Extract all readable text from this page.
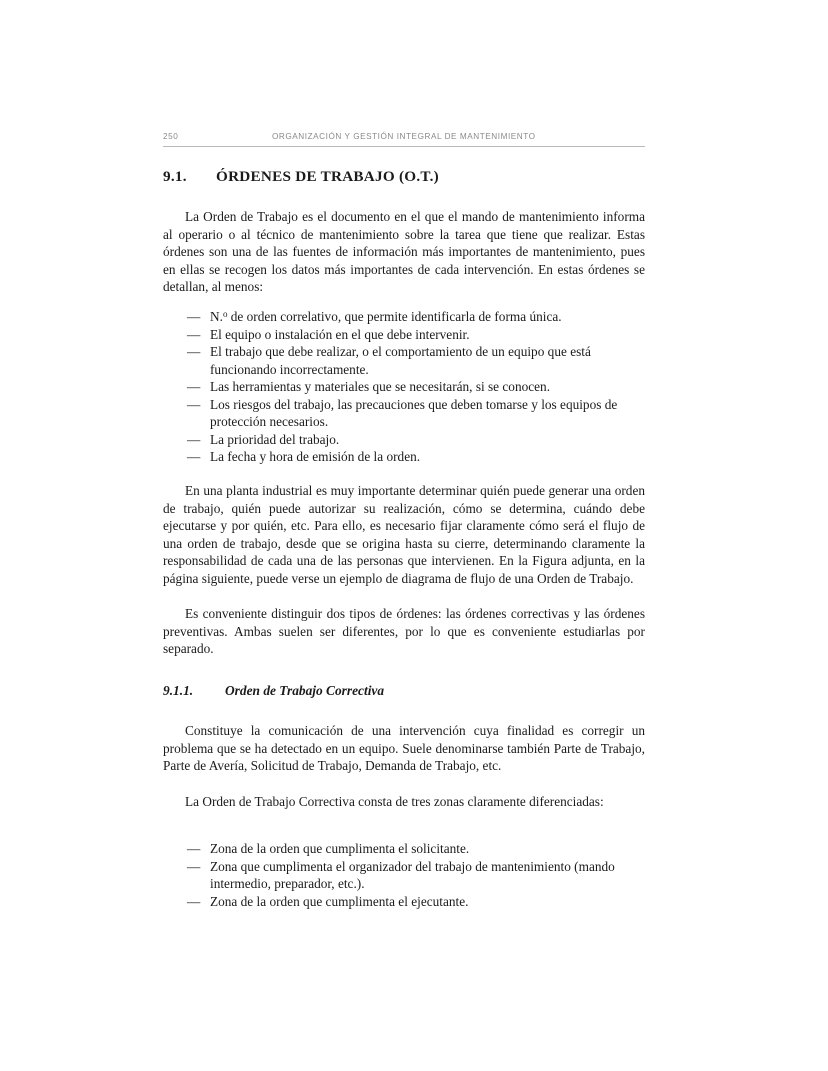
250	ORGANIZACIÓN Y GESTIÓN INTEGRAL DE MANTENIMIENTO
9.1. ÓRDENES DE TRABAJO (O.T.)

La Orden de Trabajo es el documento en el que el mando de mantenimiento informa al operario o al técnico de mantenimiento sobre la tarea que tiene que realizar. Estas órdenes son una de las fuentes de información más importantes de mantenimiento, pues en ellas se recogen los datos más importantes de cada intervención. En estas órdenes se detallan, al menos:

— N.$^o$ de orden correlativo, que permite identificarla de forma única.
— El equipo o instalación en el que debe intervenir.
— El trabajo que debe realizar, o el comportamiento de un equipo que está funcionando incorrectamente.
— Las herramientas y materiales que se necesitarán, si se conocen.
— Los riesgos del trabajo, las precauciones que deben tomarse y los equipos de protección necesarios.
— La prioridad del trabajo.
— La fecha y hora de emisión de la orden.

En una planta industrial es muy importante determinar quién puede generar una orden de trabajo, quién puede autorizar su realización, cómo se determina, cuándo debe ejecutarse y por quién, etc. Para ello, es necesario fijar claramente cómo será el flujo de una orden de trabajo, desde que se origina hasta su cierre, determinando claramente la responsabilidad de cada una de las personas que intervienen. En la Figura adjunta, en la página siguiente, puede verse un ejemplo de diagrama de flujo de una Orden de Trabajo.

Es conveniente distinguir dos tipos de órdenes: las órdenes correctivas y las órdenes preventivas. Ambas suelen ser diferentes, por lo que es conveniente estudiarlas por separado.

9.1.1. Orden de Trabajo Correctiva

Constituye la comunicación de una intervención cuya finalidad es corregir un problema que se ha detectado en un equipo. Suele denominarse también Parte de Trabajo, Parte de Avería, Solicitud de Trabajo, Demanda de Trabajo, etc.

La Orden de Trabajo Correctiva consta de tres zonas claramente diferenciadas:

— Zona de la orden que cumplimenta el solicitante.
— Zona que cumplimenta el organizador del trabajo de mantenimiento (mando intermedio, preparador, etc.).
— Zona de la orden que cumplimenta el ejecutante.
